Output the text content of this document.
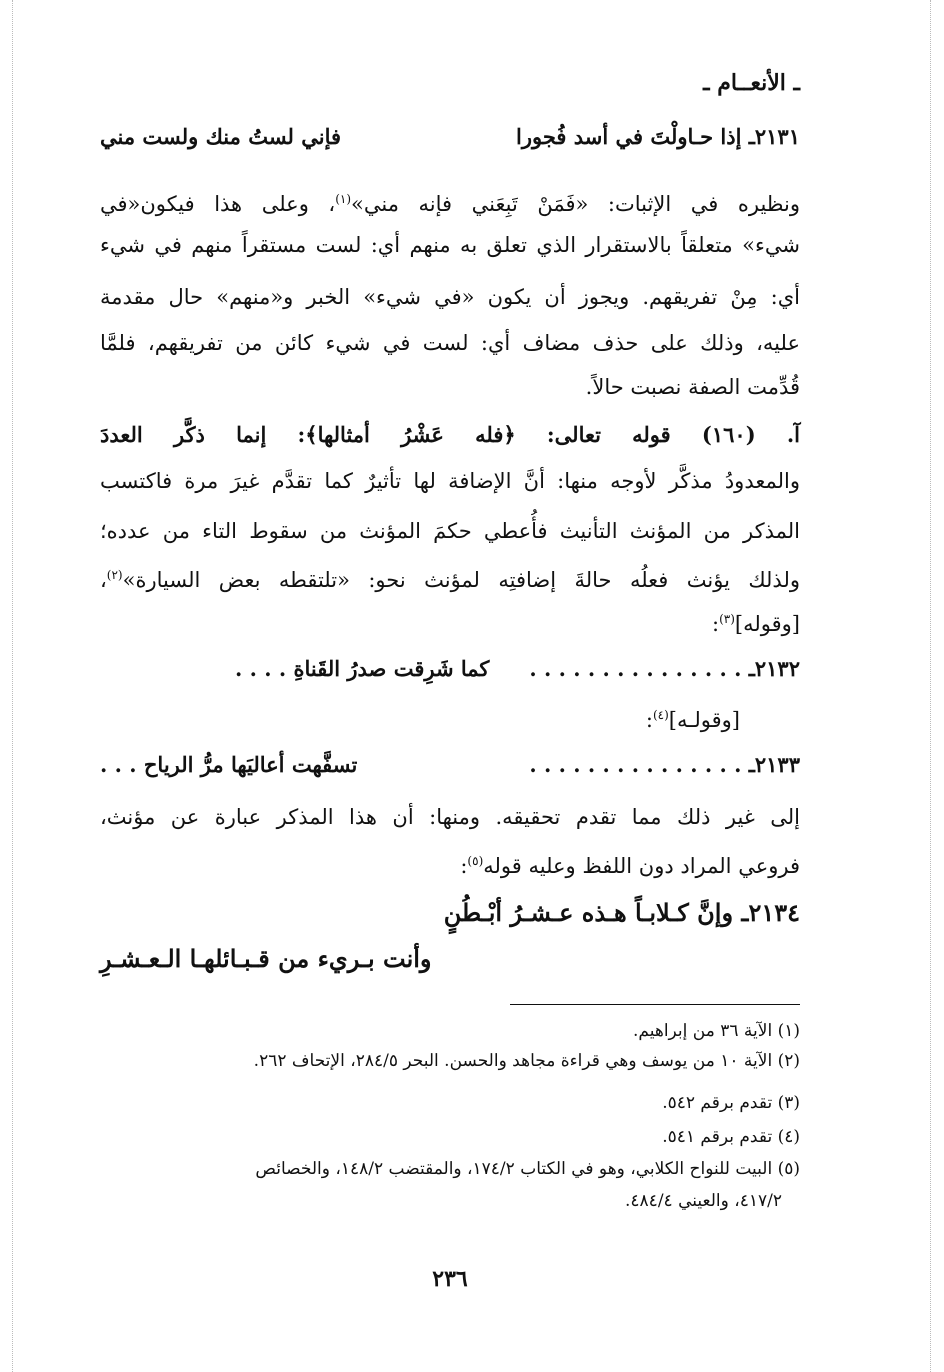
ـ الأنعــام ـ
٢١٣١ـ إذا حـاولْتَ في أسد فُجورا
فإني لستُ منك ولست مني
ونظيره في الإثبات: «فَمَنْ تَبِعَني فإنه مني»$^{(١)}$، وعلى هذا فيكون«في
شيء» متعلقاً بالاستقرار الذي تعلق به منهم أي: لست مستقراً منهم في شيء
أي: مِنْ تفريقهم. ويجوز أن يكون «في شيء» الخبر و«منهم» حال مقدمة
عليه، وذلك على حذف مضاف أي: لست في شيء كائن من تفريقهم، فلمَّا
قُدِّمت الصفة نصبت حالاً.
آ. (١٦٠) قوله تعالى: ﴿فله عَشْرُ أمثالها﴾: إنما ذكَّر العددَ
والمعدودُ مذكَّر لأوجه منها: أنَّ الإضافة لها تأثيرٌ كما تقدَّم غيرَ مرة فاكتسب
المذكر من المؤنث التأنيث فأُعطي حكمَ المؤنث من سقوط التاء من عدده؛
ولذلك يؤنث فعلُه حالةَ إضافتِه لمؤنث نحو: «تلتقطه بعض السيارة»$^{(٢)}$،
[وقوله]$^{(٣)}$:
٢١٣٢ـ . . . . . . . . . . . . . . .
كما شَرِقت صدرُ القَناةِ . . . .
[وقولـه]$^{(٤)}$:
٢١٣٣ـ . . . . . . . . . . . . . . .
تسفَّهت أعاليَها مرُّ الرياح . . .
إلى غير ذلك مما تقدم تحقيقه. ومنها: أن هذا المذكر عبارة عن مؤنث،
فروعي المراد دون اللفظ وعليه قوله$^{(٥)}$:
٢١٣٤ـ وإنَّ كـلابـاً هـذه عـشـرُ أبْـطُنٍ
وأنت بـريء من قـبـائلهـا الـعـشـرِ
(١) الآية ٣٦ من إبراهيم.
(٢) الآية ١٠ من يوسف وهي قراءة مجاهد والحسن. البحر ٢٨٤/٥، الإتحاف ٢٦٢.
(٣) تقدم برقم ٥٤٢.
(٤) تقدم برقم ٥٤١.
(٥) البيت للنواح الكلابي، وهو في الكتاب ١٧٤/٢، والمقتضب ١٤٨/٢، والخصائص
٤١٧/٢، والعيني ٤٨٤/٤.
٢٣٦
